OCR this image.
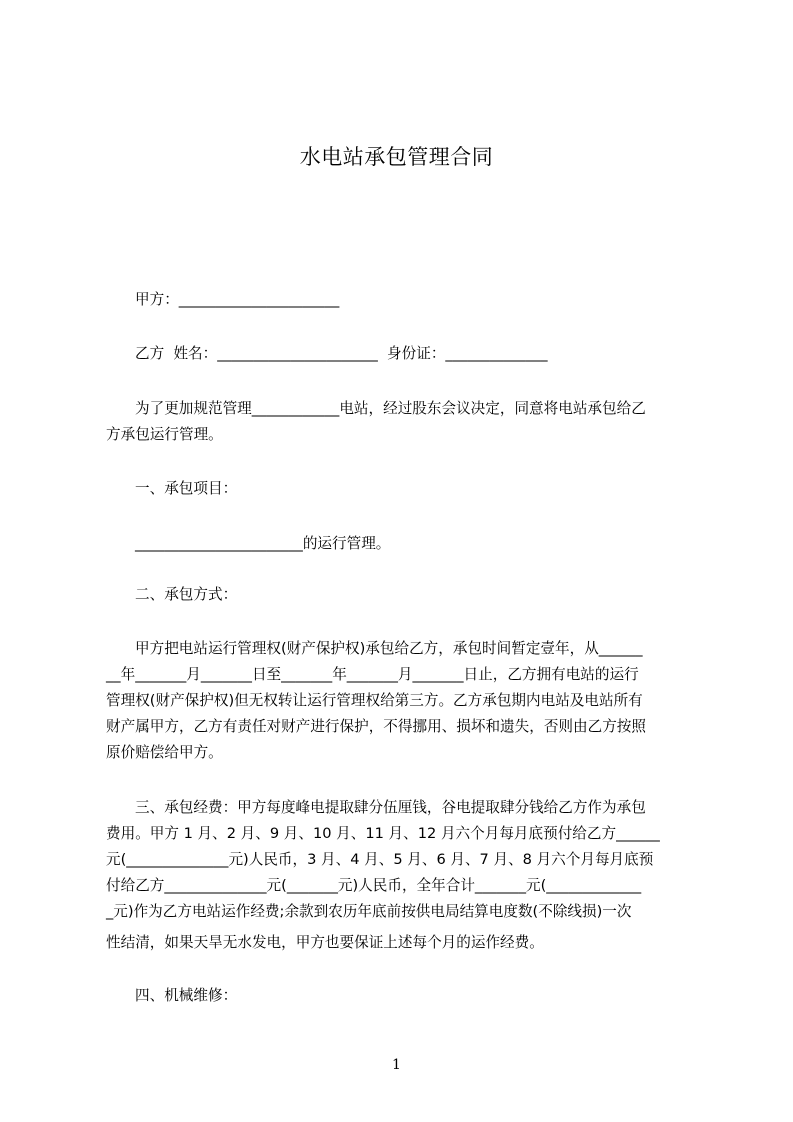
水电站承包管理合同
甲方：______________________
乙方  姓名：______________________  身份证：______________
为了更加规范管理____________电站，经过股东会议决定，同意将电站承包给乙
方承包运行管理。
一、承包项目：
_______________________的运行管理。
二、承包方式：
甲方把电站运行管理权(财产保护权)承包给乙方，承包时间暂定壹年，从______
__年_______月_______日至_______年_______月_______日止，乙方拥有电站的运行
管理权(财产保护权)但无权转让运行管理权给第三方。乙方承包期内电站及电站所有
财产属甲方，乙方有责任对财产进行保护，不得挪用、损坏和遗失，否则由乙方按照
原价赔偿给甲方。
三、承包经费：甲方每度峰电提取肆分伍厘钱，谷电提取肆分钱给乙方作为承包
费用。甲方 1 月、2 月、9 月、10 月、11 月、12 月六个月每月底预付给乙方______
元(______________元)人民币，3 月、4 月、5 月、6 月、7 月、8 月六个月每月底预
付给乙方______________元(_______元)人民币，全年合计_______元(_____________
_元)作为乙方电站运作经费;余款到农历年底前按供电局结算电度数(不除线损)一次
性结清，如果天旱无水发电，甲方也要保证上述每个月的运作经费。
四、机械维修：
1
